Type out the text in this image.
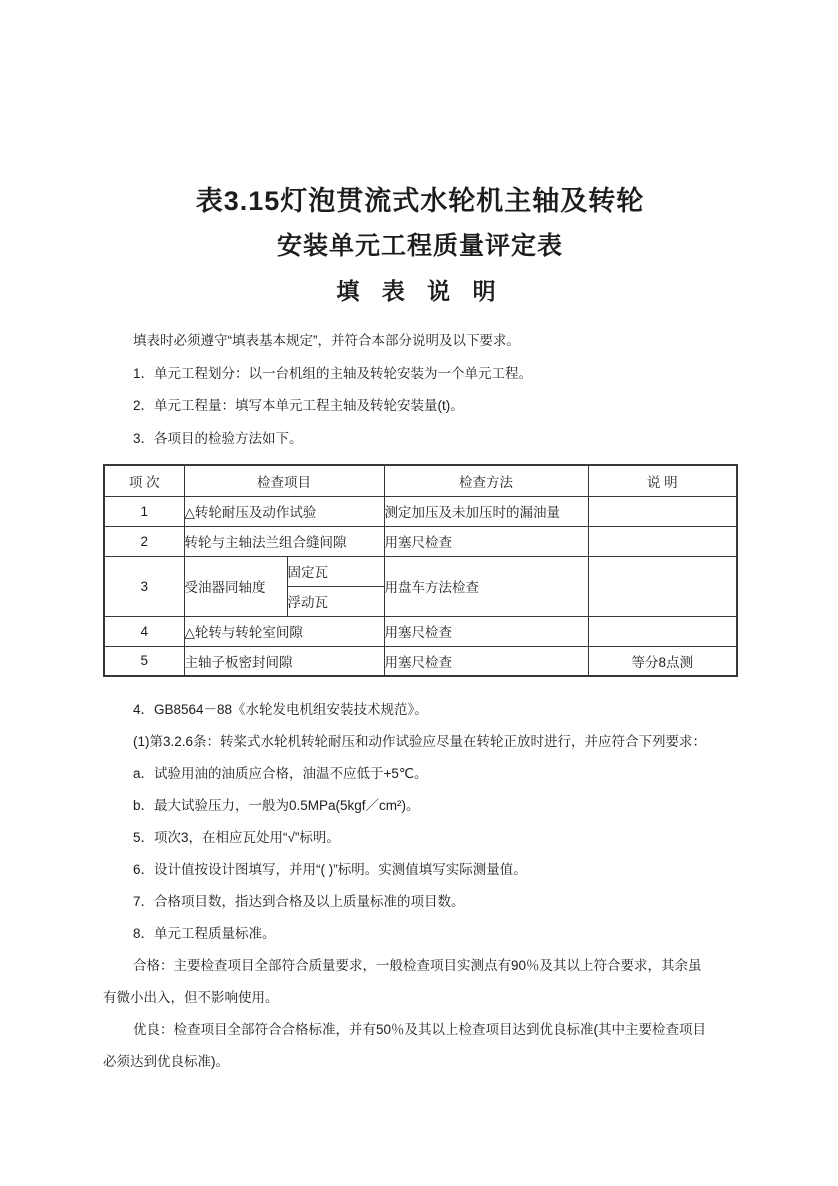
表3.15灯泡贯流式水轮机主轴及转轮
安装单元工程质量评定表
填 表 说 明
填表时必须遵守“填表基本规定”，并符合本部分说明及以下要求。
1．单元工程划分：以一台机组的主轴及转轮安装为一个单元工程。
2．单元工程量：填写本单元工程主轴及转轮安装量(t)。
3．各项目的检验方法如下。
项 次	检查项目		检查方法	说 明
1	△转轮耐压及动作试验		测定加压及未加压时的漏油量	
2	转轮与主轴法兰组合缝间隙		用塞尺检查	
3	受油器同轴度	固定瓦	用盘车方法检查	
		浮动瓦		
4	△轮转与转轮室间隙		用塞尺检查	
5	主轴子板密封间隙		用塞尺检查	等分8点测
4．GB8564－88《水轮发电机组安装技术规范》。
(1)第3.2.6条：转桨式水轮机转轮耐压和动作试验应尽量在转轮正放时进行，并应符合下列要求：
a．试验用油的油质应合格，油温不应低于+5℃。
b．最大试验压力，一般为0.5MPa(5kgf／cm²)。
5．项次3，在相应瓦处用“√”标明。
6．设计值按设计图填写，并用“( )”标明。实测值填写实际测量值。
7．合格项目数，指达到合格及以上质量标准的项目数。
8．单元工程质量标准。
合格：主要检查项目全部符合质量要求，一般检查项目实测点有90％及其以上符合要求，其余虽
有微小出入，但不影响使用。
优良：检查项目全部符合合格标准，并有50％及其以上检查项目达到优良标准(其中主要检查项目
必须达到优良标准)。
